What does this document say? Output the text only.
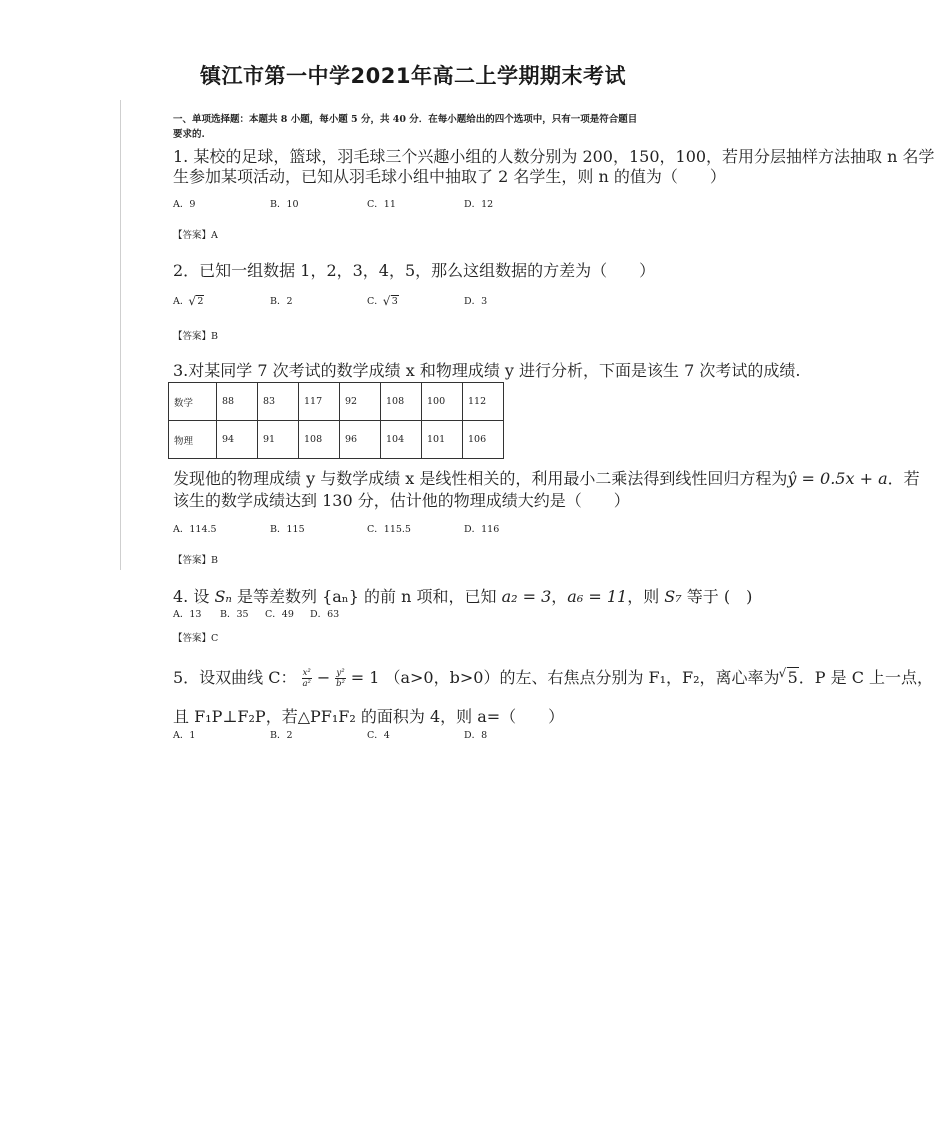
镇江市第一中学2021年高二上学期期末考试
一、单项选择题：本题共 8 小题，每小题 5 分，共 40 分．在每小题给出的四个选项中，只有一项是符合题目要求的.
1. 某校的足球，篮球，羽毛球三个兴趣小组的人数分别为 200，150，100，若用分层抽样方法抽取 n 名学
生参加某项活动，已知从羽毛球小组中抽取了 2 名学生，则 n 的值为（　　）
A．9	B．10	C．11	D．12
【答案】A
2．已知一组数据 1，2，3，4，5，那么这组数据的方差为（　　）
A． √ 2	B．2	C． √ 3	D．3
【答案】B
3.对某同学 7 次考试的数学成绩 x 和物理成绩 y 进行分析，下面是该生 7 次考试的成绩.
数学	88	83	117	92	108	100	112
物理	94	91	108	96	104	101	106
发现他的物理成绩 y 与数学成绩 x 是线性相关的，利用最小二乘法得到线性回归方程为ŷ = 0.5x + a．若
该生的数学成绩达到 130 分，估计他的物理成绩大约是（　　）
A．114.5	B．115	C．115.5	D．116
【答案】B
4. 设 Sₙ 是等差数列 {aₙ} 的前 n 项和，已知 a₂ = 3，a₆ = 11，则 S₇ 等于 (　)
A．13 B．35 C．49 D．63
【答案】C
5．设双曲线 C： $\frac{\text{x²}}{\text{a²}} - \frac{\text{y²}}{\text{b²}} = 1$ （a>0，b>0）的左、右焦点分别为 F₁，F₂，离心率为 √ 5．P 是 C 上一点，
且 F₁P⊥F₂P，若△PF₁F₂ 的面积为 4，则 a=（　　）
A．1	B．2	C．4	D．8
